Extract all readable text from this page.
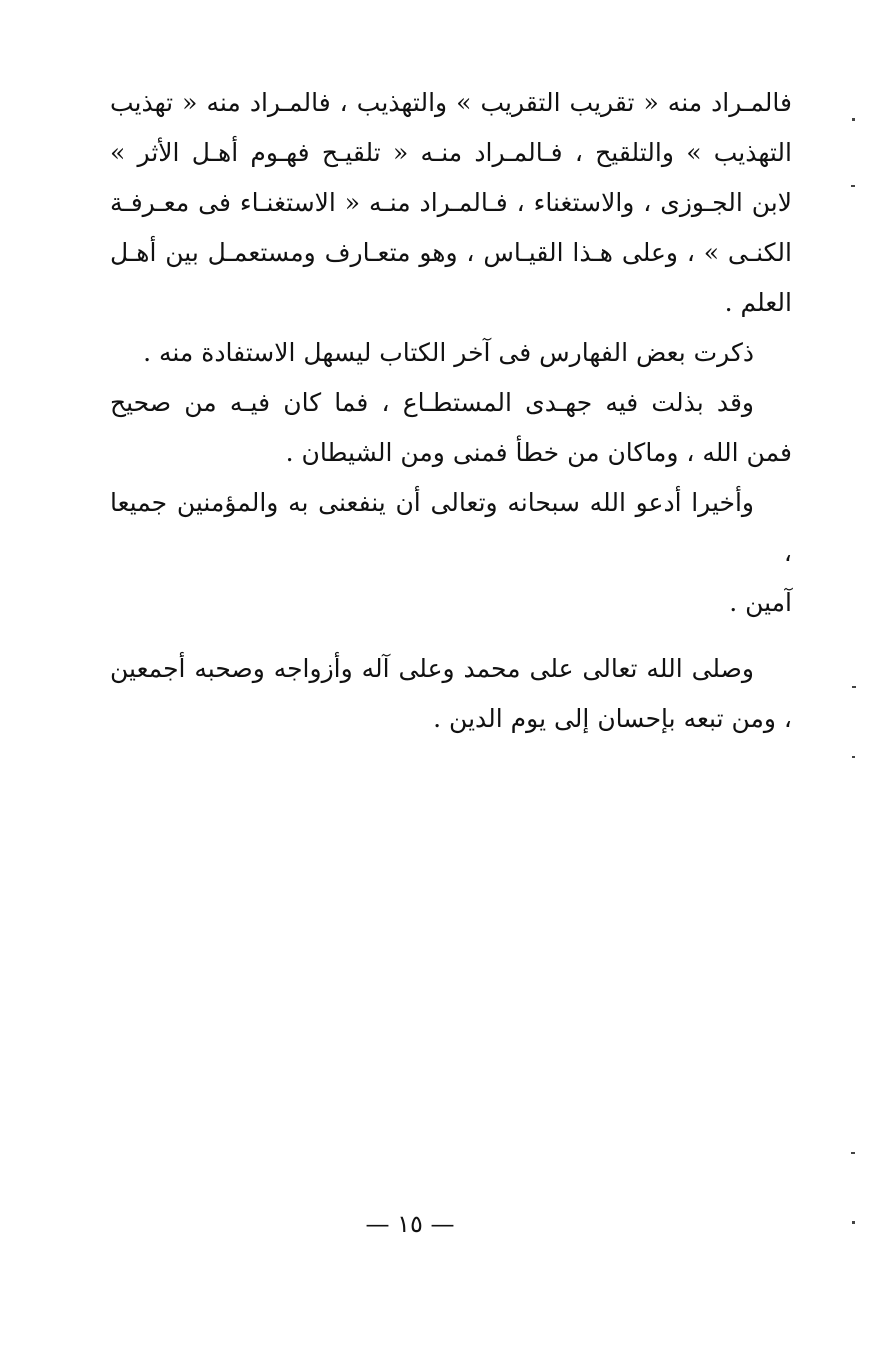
فالمـراد منه « تقريب التقريب » والتهذيب ، فالمـراد منه « تهذيب التهذيب » والتلقيح ، فـالمـراد منـه « تلقيـح فهـوم أهـل الأثر » لابن الجـوزى ، والاستغناء ، فـالمـراد منـه « الاستغنـاء فى معـرفـة الكنـى » ، وعلى هـذا القيـاس ، وهو متعـارف ومستعمـل بين أهـل العلم .

ذكرت بعض الفهارس فى آخر الكتاب ليسهل الاستفادة منه .

وقد بذلت فيه جهـدى المستطـاع ، فما كان فيـه من صحيح فمن الله ، وماكان من خطأ فمنى ومن الشيطان .

وأخيرا أدعو الله سبحانه وتعالى أن ينفعنى به والمؤمنين جميعا ،

آمين .

وصلى الله تعالى على محمد وعلى آله وأزواجه وصحبه أجمعين ، ومن تبعه بإحسان إلى يوم الدين .

— ١٥ —
